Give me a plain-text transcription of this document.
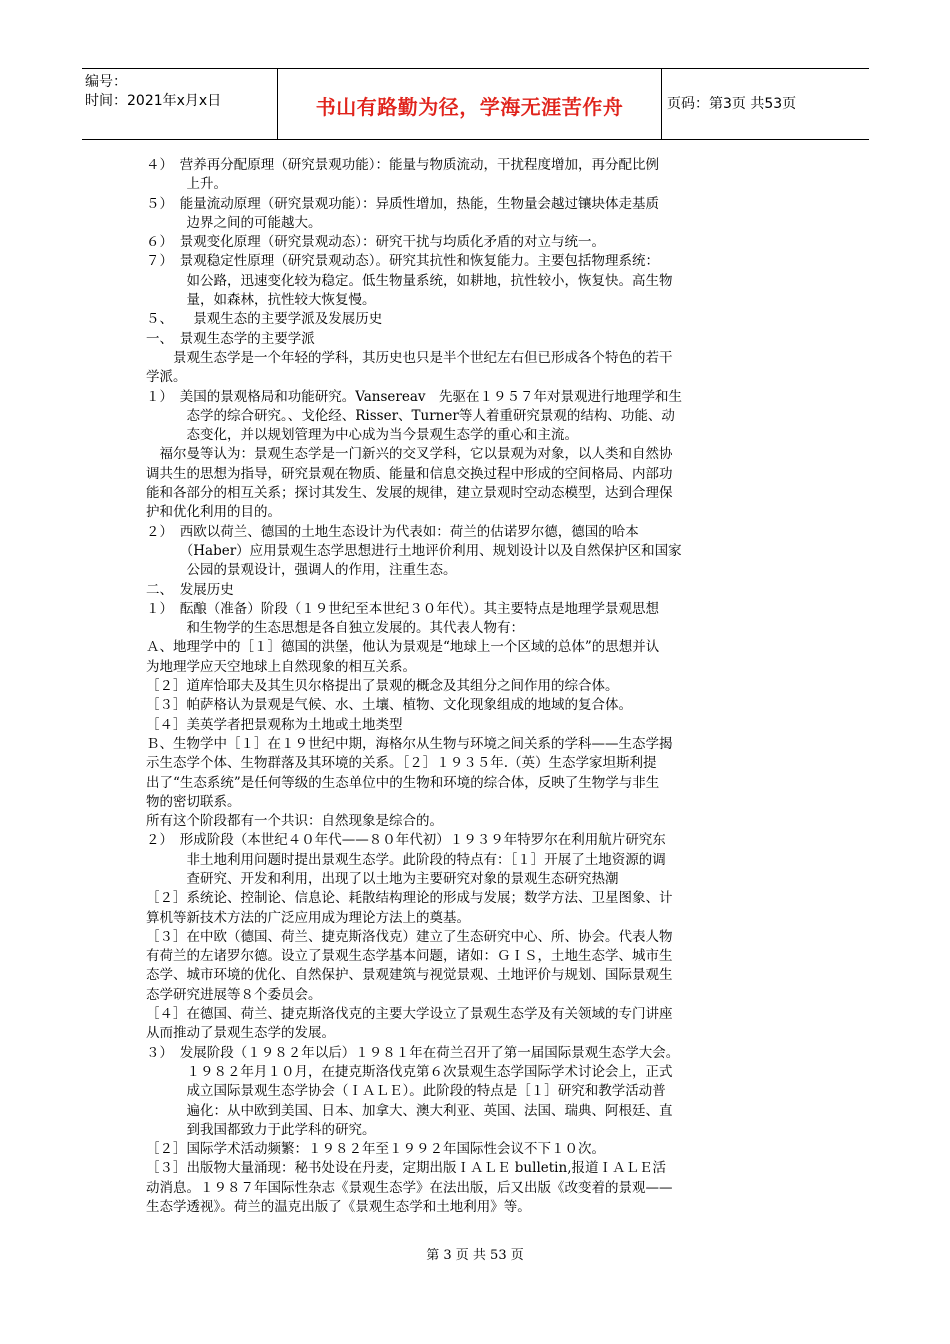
编号：
时间：2021年x月x日	书山有路勤为径，学海无涯苦作舟	页码：第3页 共53页
４）　营养再分配原理（研究景观功能）：能量与物质流动，干扰程度增加，再分配比例
　　　上升。
５）　能量流动原理（研究景观功能）：异质性增加，热能，生物量会越过镶块体走基质
　　　边界之间的可能越大。
６）　景观变化原理（研究景观动态）：研究干扰与均质化矛盾的对立与统一。
７）　景观稳定性原理（研究景观动态）。研究其抗性和恢复能力。主要包括物理系统：
　　　如公路，迅速变化较为稳定。低生物量系统，如耕地，抗性较小，恢复快。高生物
　　　量，如森林，抗性较大恢复慢。
５、　　景观生态的主要学派及发展历史
一、　景观生态学的主要学派
　　景观生态学是一个年轻的学科，其历史也只是半个世纪左右但已形成各个特色的若干
学派。
１）　美国的景观格局和功能研究。Vansereav　先驱在１９５７年对景观进行地理学和生
　　　态学的综合研究。、戈伦经、Risser、Turner等人着重研究景观的结构、功能、动
　　　态变化，并以规划管理为中心成为当今景观生态学的重心和主流。
　福尔曼等认为：景观生态学是一门新兴的交叉学科，它以景观为对象，以人类和自然协
调共生的思想为指导，研究景观在物质、能量和信息交换过程中形成的空间格局、内部功
能和各部分的相互关系；探讨其发生、发展的规律，建立景观时空动态模型，达到合理保
护和优化利用的目的。
２）　西欧以荷兰、德国的土地生态设计为代表如：荷兰的估诺罗尔德，德国的哈本
　　　（Haber）应用景观生态学思想进行土地评价利用、规划设计以及自然保护区和国家
　　　公园的景观设计，强调人的作用，注重生态。
二、　发展历史
１）　酝酿（准备）阶段（１９世纪至本世纪３０年代）。其主要特点是地理学景观思想
　　　和生物学的生态思想是各自独立发展的。其代表人物有：
Ａ、地理学中的［１］德国的洪堡，他认为景观是“地球上一个区域的总体”的思想并认
为地理学应天空地球上自然现象的相互关系。
［２］道库恰耶夫及其生贝尔格提出了景观的概念及其组分之间作用的综合体。
［３］帕萨格认为景观是气候、水、土壤、植物、文化现象组成的地域的复合体。
［４］美英学者把景观称为土地或土地类型
Ｂ、生物学中［１］在１９世纪中期，海格尔从生物与环境之间关系的学科——生态学揭
示生态学个体、生物群落及其环境的关系。［２］１９３５年.（英）生态学家坦斯利提
出了“生态系统”是任何等级的生态单位中的生物和环境的综合体，反映了生物学与非生
物的密切联系。
所有这个阶段都有一个共识：自然现象是综合的。
２）　形成阶段（本世纪４０年代——８０年代初）１９３９年特罗尔在利用航片研究东
　　　非土地利用问题时提出景观生态学。此阶段的特点有：［１］开展了土地资源的调
　　　查研究、开发和利用，出现了以土地为主要研究对象的景观生态研究热潮
［２］系统论、控制论、信息论、耗散结构理论的形成与发展；数学方法、卫星图象、计
算机等新技术方法的广泛应用成为理论方法上的奠基。
［３］在中欧（德国、荷兰、捷克斯洛伐克）建立了生态研究中心、所、协会。代表人物
有荷兰的左诸罗尔德。设立了景观生态学基本问题，诸如：ＧＩＳ，土地生态学、城市生
态学、城市环境的优化、自然保护、景观建筑与视觉景观、土地评价与规划、国际景观生
态学研究进展等８个委员会。
［４］在德国、荷兰、捷克斯洛伐克的主要大学设立了景观生态学及有关领域的专门讲座
从而推动了景观生态学的发展。
３）　发展阶段（１９８２年以后）１９８１年在荷兰召开了第一届国际景观生态学大会。
　　　１９８２年月１０月，在捷克斯洛伐克第６次景观生态学国际学术讨论会上，正式
　　　成立国际景观生态学协会（ＩＡＬＥ）。此阶段的特点是［１］研究和教学活动普
　　　遍化：从中欧到美国、日本、加拿大、澳大利亚、英国、法国、瑞典、阿根廷、直
　　　到我国都致力于此学科的研究。
［２］国际学术活动频繁：１９８２年至１９９２年国际性会议不下１０次。
［３］出版物大量涌现：秘书处设在丹麦，定期出版ＩＡＬＥ bulletin,报道ＩＡＬＥ活
动消息。１９８７年国际性杂志《景观生态学》在法出版，后又出版《改变着的景观——
生态学透视》。荷兰的温克出版了《景观生态学和土地利用》等。
第 3 页 共 53 页
